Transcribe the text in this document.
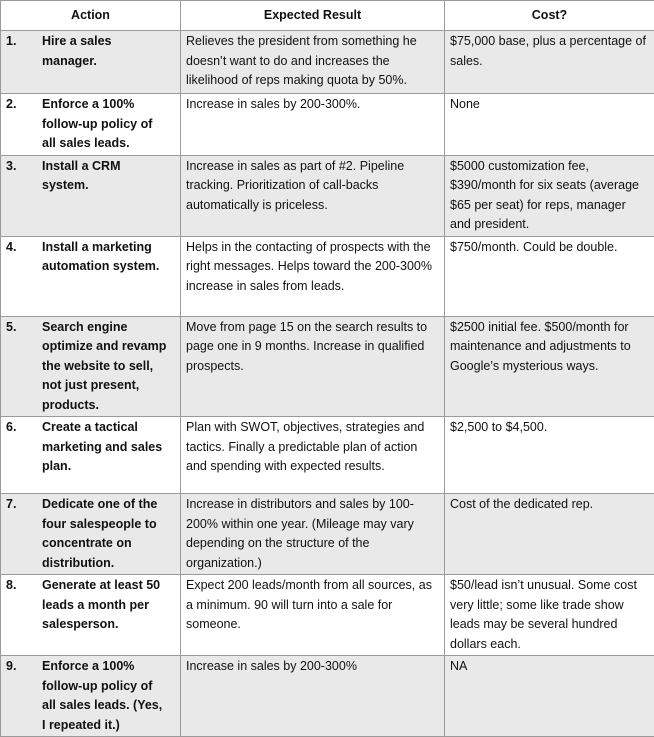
Action	Expected Result	Cost?
1. Hire a sales manager.	Relieves the president from something he doesn’t want to do and increases the likelihood of reps making quota by 50%.	$75,000 base, plus a percentage of sales.
2. Enforce a 100% follow-up policy of all sales leads.	Increase in sales by 200-300%.	None
3. Install a CRM system.	Increase in sales as part of #2. Pipeline tracking. Prioritization of call-backs automatically is priceless.	$5000 customization fee, $390/month for six seats (average $65 per seat) for reps, manager and president.
4. Install a marketing automation system.	Helps in the contacting of prospects with the right messages. Helps toward the 200-300% increase in sales from leads.	$750/month. Could be double.
5. Search engine optimize and revamp the website to sell, not just present, products.	Move from page 15 on the search results to page one in 9 months. Increase in qualified prospects.	$2500 initial fee. $500/month for maintenance and adjustments to Google’s mysterious ways.
6. Create a tactical marketing and sales plan.	Plan with SWOT, objectives, strategies and tactics. Finally a predictable plan of action and spending with expected results.	$2,500 to $4,500.
7. Dedicate one of the four salespeople to concentrate on distribution.	Increase in distributors and sales by 100-200% within one year. (Mileage may vary depending on the structure of the organization.)	Cost of the dedicated rep.
8. Generate at least 50 leads a month per salesperson.	Expect 200 leads/month from all sources, as a minimum. 90 will turn into a sale for someone.	$50/lead isn’t unusual. Some cost very little; some like trade show leads may be several hundred dollars each.
9. Enforce a 100% follow-up policy of all sales leads. (Yes, I repeated it.)	Increase in sales by 200-300%	NA
